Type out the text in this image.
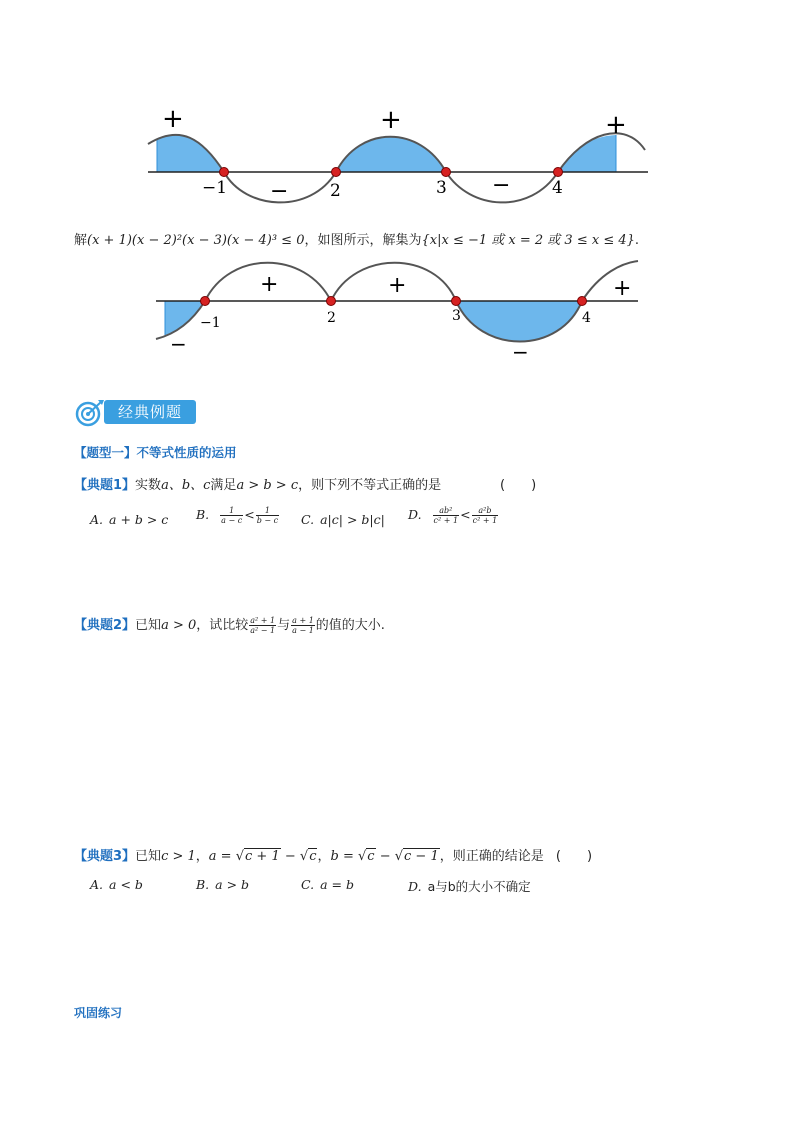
−1	2	3	4
+
−
+
−
+
解(x + 1)(x − 2)²(x − 3)(x − 4)³ ≤ 0，如图所示，解集为{x|x ≤ −1 或 x = 2 或 3 ≤ x ≤ 4}.
−1	2	3	4
−
+	+
−
+
经典例题
【题型一】不等式性质的运用
【典题1】实数a、b、c满足a > b > c，则下列不等式正确的是	(　　)
A. a + b > c B. $\frac{1}{a - c} < \frac{1}{b - c} C$. a|c| > b|c| D. $\frac{\text{ab²}}{\text{c² + 1}} < \frac{\text{a²b}}{\text{c² + 1}}$
【典题2】已知a > 0，试比较 $\frac{\text{a² + 1}}{\text{a² − 1}}$ 与 $\frac{a + 1}{a - 1}$ 的值的大小.
【典题3】已知c > 1，a = √c + 1 − √c，b = √c − √c − 1，则正确的结论是 (　　)
A. a < b	B. a > b	C. a = b	D. a与b的大小不确定
巩固练习
